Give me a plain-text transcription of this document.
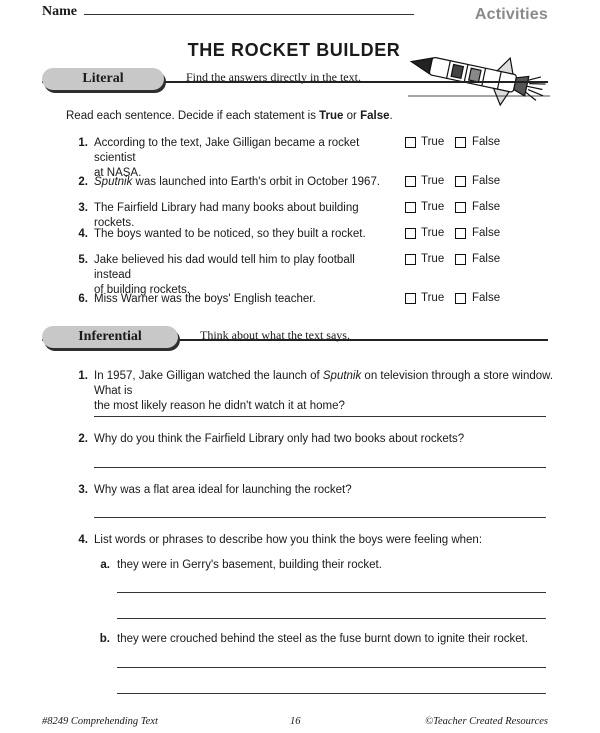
Name	Activities
THE ROCKET BUILDER
Literal	Find the answers directly in the text.
Read each sentence. Decide if each statement is True or False.
1. According to the text, Jake Gilligan became a rocket scientist
at NASA.
True False
2. Sputnik was launched into Earth's orbit in October 1967.	True False
3. The Fairfield Library had many books about building rockets.
True False
4. The boys wanted to be noticed, so they built a rocket.	True False
5. Jake believed his dad would tell him to play football instead
of building rockets.
True False
6. Miss Warner was the boys' English teacher.	True False
Inferential	Think about what the text says.
1. In 1957, Jake Gilligan watched the launch of Sputnik on television through a store window. What is
the most likely reason he didn't watch it at home?
2. Why do you think the Fairfield Library only had two books about rockets?
3. Why was a flat area ideal for launching the rocket?
4. List words or phrases to describe how you think the boys were feeling when:
a. they were in Gerry's basement, building their rocket.
b. they were crouched behind the steel as the fuse burnt down to ignite their rocket.
#8249 Comprehending Text	16	©Teacher Created Resources
